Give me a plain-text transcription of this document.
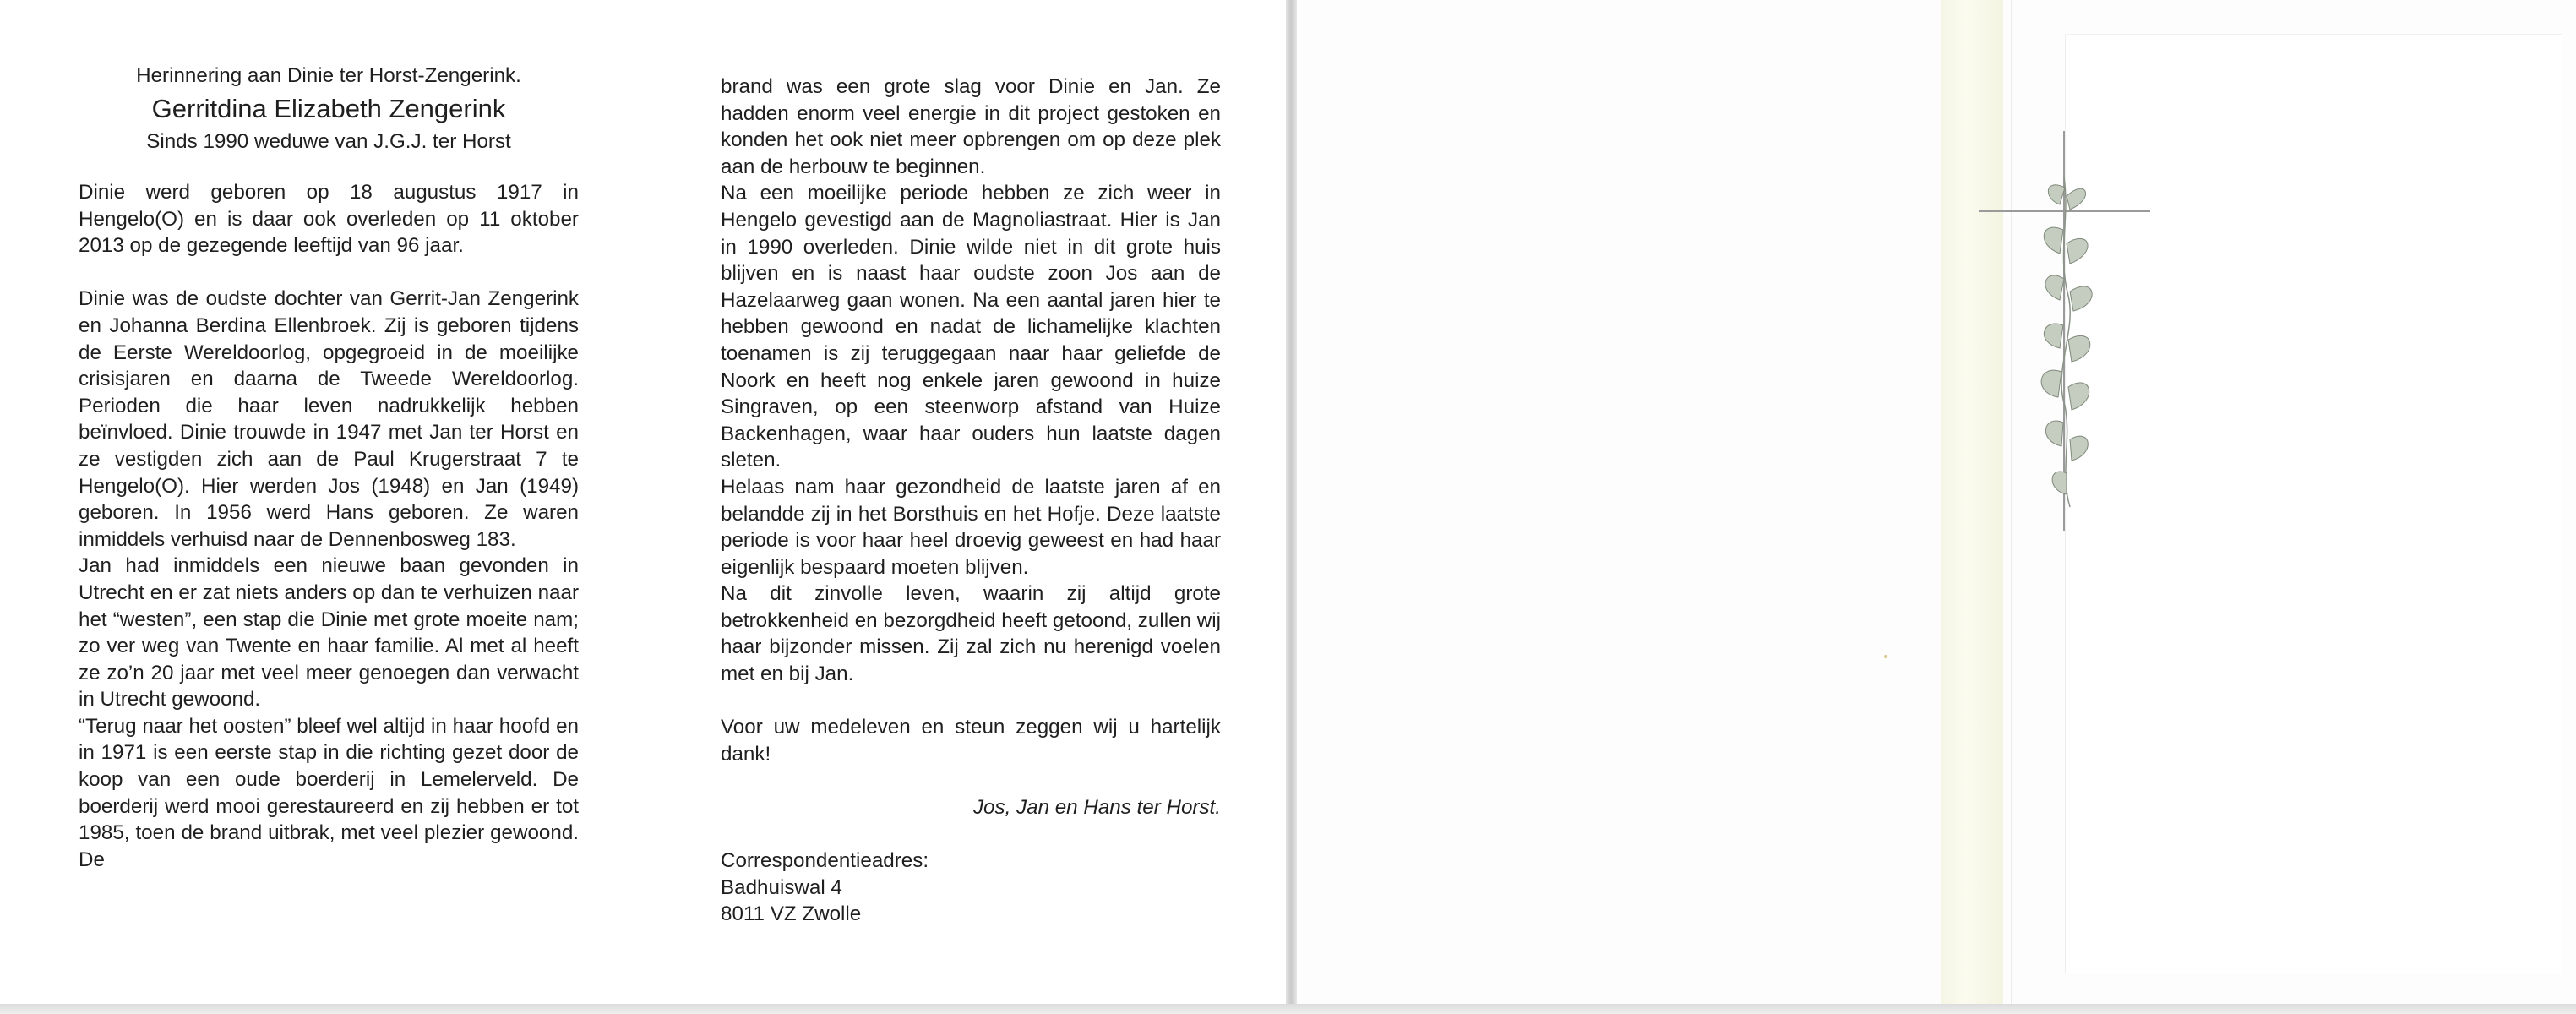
Herinnering aan Dinie ter Horst-Zengerink.
Gerritdina Elizabeth Zengerink
Sinds 1990 weduwe van J.G.J. ter Horst

Dinie werd geboren op 18 augustus 1917 in Hengelo(O) en is daar ook overleden op 11 oktober 2013 op de gezegende leeftijd van 96 jaar.

Dinie was de oudste dochter van Gerrit-Jan Zengerink en Johanna Berdina Ellenbroek. Zij is geboren tijdens de Eerste Wereldoorlog, opgegroeid in de moeilijke crisisjaren en daarna de Tweede Wereldoorlog. Perioden die haar leven nadrukkelijk hebben beïnvloed. Dinie trouwde in 1947 met Jan ter Horst en ze vestigden zich aan de Paul Krugerstraat 7 te Hengelo(O). Hier werden Jos (1948) en Jan (1949) geboren. In 1956 werd Hans geboren. Ze waren inmiddels verhuisd naar de Dennenbosweg 183.

Jan had inmiddels een nieuwe baan gevonden in Utrecht en er zat niets anders op dan te verhuizen naar het “westen”, een stap die Dinie met grote moeite nam; zo ver weg van Twente en haar familie. Al met al heeft ze zo’n 20 jaar met veel meer genoegen dan verwacht in Utrecht gewoond.

“Terug naar het oosten” bleef wel altijd in haar hoofd en in 1971 is een eerste stap in die richting gezet door de koop van een oude boerderij in Lemelerveld. De boerderij werd mooi gerestaureerd en zij hebben er tot 1985, toen de brand uitbrak, met veel plezier gewoond. De

brand was een grote slag voor Dinie en Jan. Ze hadden enorm veel energie in dit project gestoken en konden het ook niet meer opbrengen om op deze plek aan de herbouw te beginnen.

Na een moeilijke periode hebben ze zich weer in Hengelo gevestigd aan de Magnoliastraat. Hier is Jan in 1990 overleden. Dinie wilde niet in dit grote huis blijven en is naast haar oudste zoon Jos aan de Hazelaarweg gaan wonen. Na een aantal jaren hier te hebben gewoond en nadat de lichamelijke klachten toenamen is zij teruggegaan naar haar geliefde de Noork en heeft nog enkele jaren gewoond in huize Singraven, op een steenworp afstand van Huize Backenhagen, waar haar ouders hun laatste dagen sleten.

Helaas nam haar gezondheid de laatste jaren af en belandde zij in het Borsthuis en het Hofje. Deze laatste periode is voor haar heel droevig geweest en had haar eigenlijk bespaard moeten blijven.

Na dit zinvolle leven, waarin zij altijd grote betrokkenheid en bezorgdheid heeft getoond, zullen wij haar bijzonder missen. Zij zal zich nu herenigd voelen met en bij Jan.

Voor uw medeleven en steun zeggen wij u hartelijk dank!

Jos, Jan en Hans ter Horst.

Correspondentieadres:

Badhuiswal 4

8011 VZ Zwolle
